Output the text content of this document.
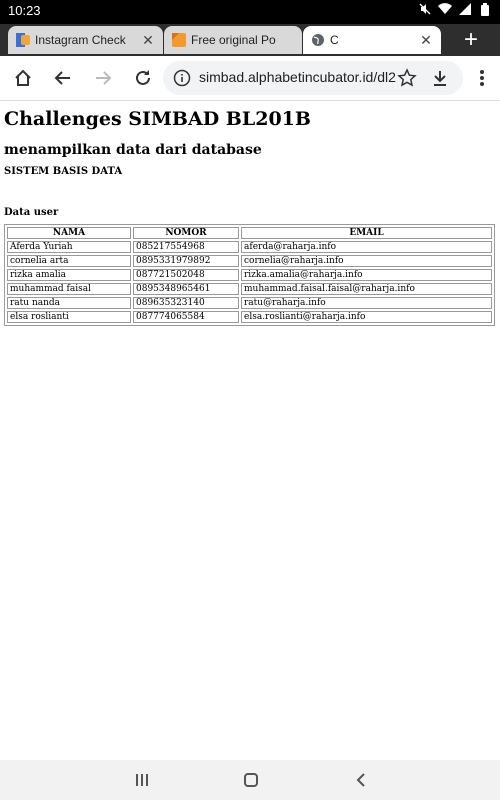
10:23
Instagram Check	✕	Free original Po	C	✕ +
simbad.alphabetincubator.id/dl2
Challenges SIMBAD BL201B
menampilkan data dari database
SISTEM BASIS DATA
Data user
NAMA	NOMOR	EMAIL
Aferda Yuriah	085217554968	aferda@raharja.info
cornelia arta	0895331979892	cornelia@raharja.info
rizka amalia	087721502048	rizka.amalia@raharja.info
muhammad faisal	0895348965461	muhammad.faisal.faisal@raharja.info
ratu nanda	089635323140	ratu@raharja.info
elsa roslianti	087774065584	elsa.roslianti@raharja.info
